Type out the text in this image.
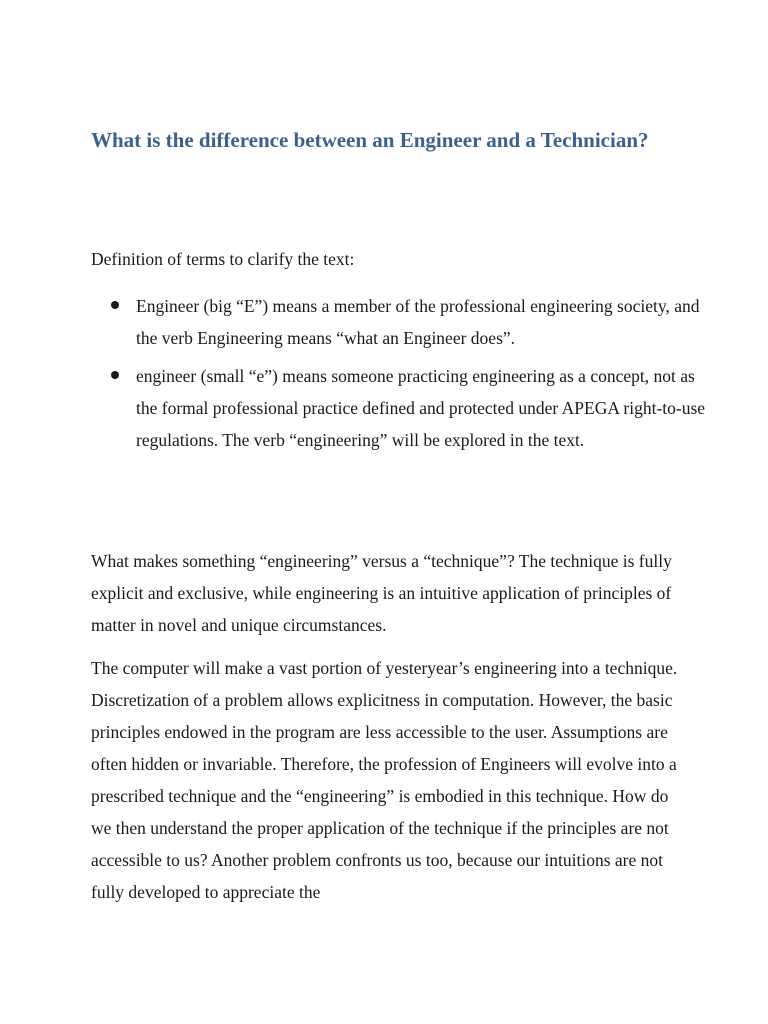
What is the difference between an Engineer and a Technician?

Definition of terms to clarify the text:

Engineer (big “E”) means a member of the professional engineering society, and the verb Engineering means “what an Engineer does”.
engineer (small “e”) means someone practicing engineering as a concept, not as the formal professional practice defined and protected under APEGA right-to-use regulations. The verb “engineering” will be explored in the text.

What makes something “engineering” versus a “technique”? The technique is fully explicit and exclusive, while engineering is an intuitive application of principles of matter in novel and unique circumstances.

The computer will make a vast portion of yesteryear’s engineering into a technique. Discretization of a problem allows explicitness in computation. However, the basic principles endowed in the program are less accessible to the user. Assumptions are often hidden or invariable. Therefore, the profession of Engineers will evolve into a prescribed technique and the “engineering” is embodied in this technique. How do we then understand the proper application of the technique if the principles are not accessible to us? Another problem confronts us too, because our intuitions are not fully developed to appreciate the
